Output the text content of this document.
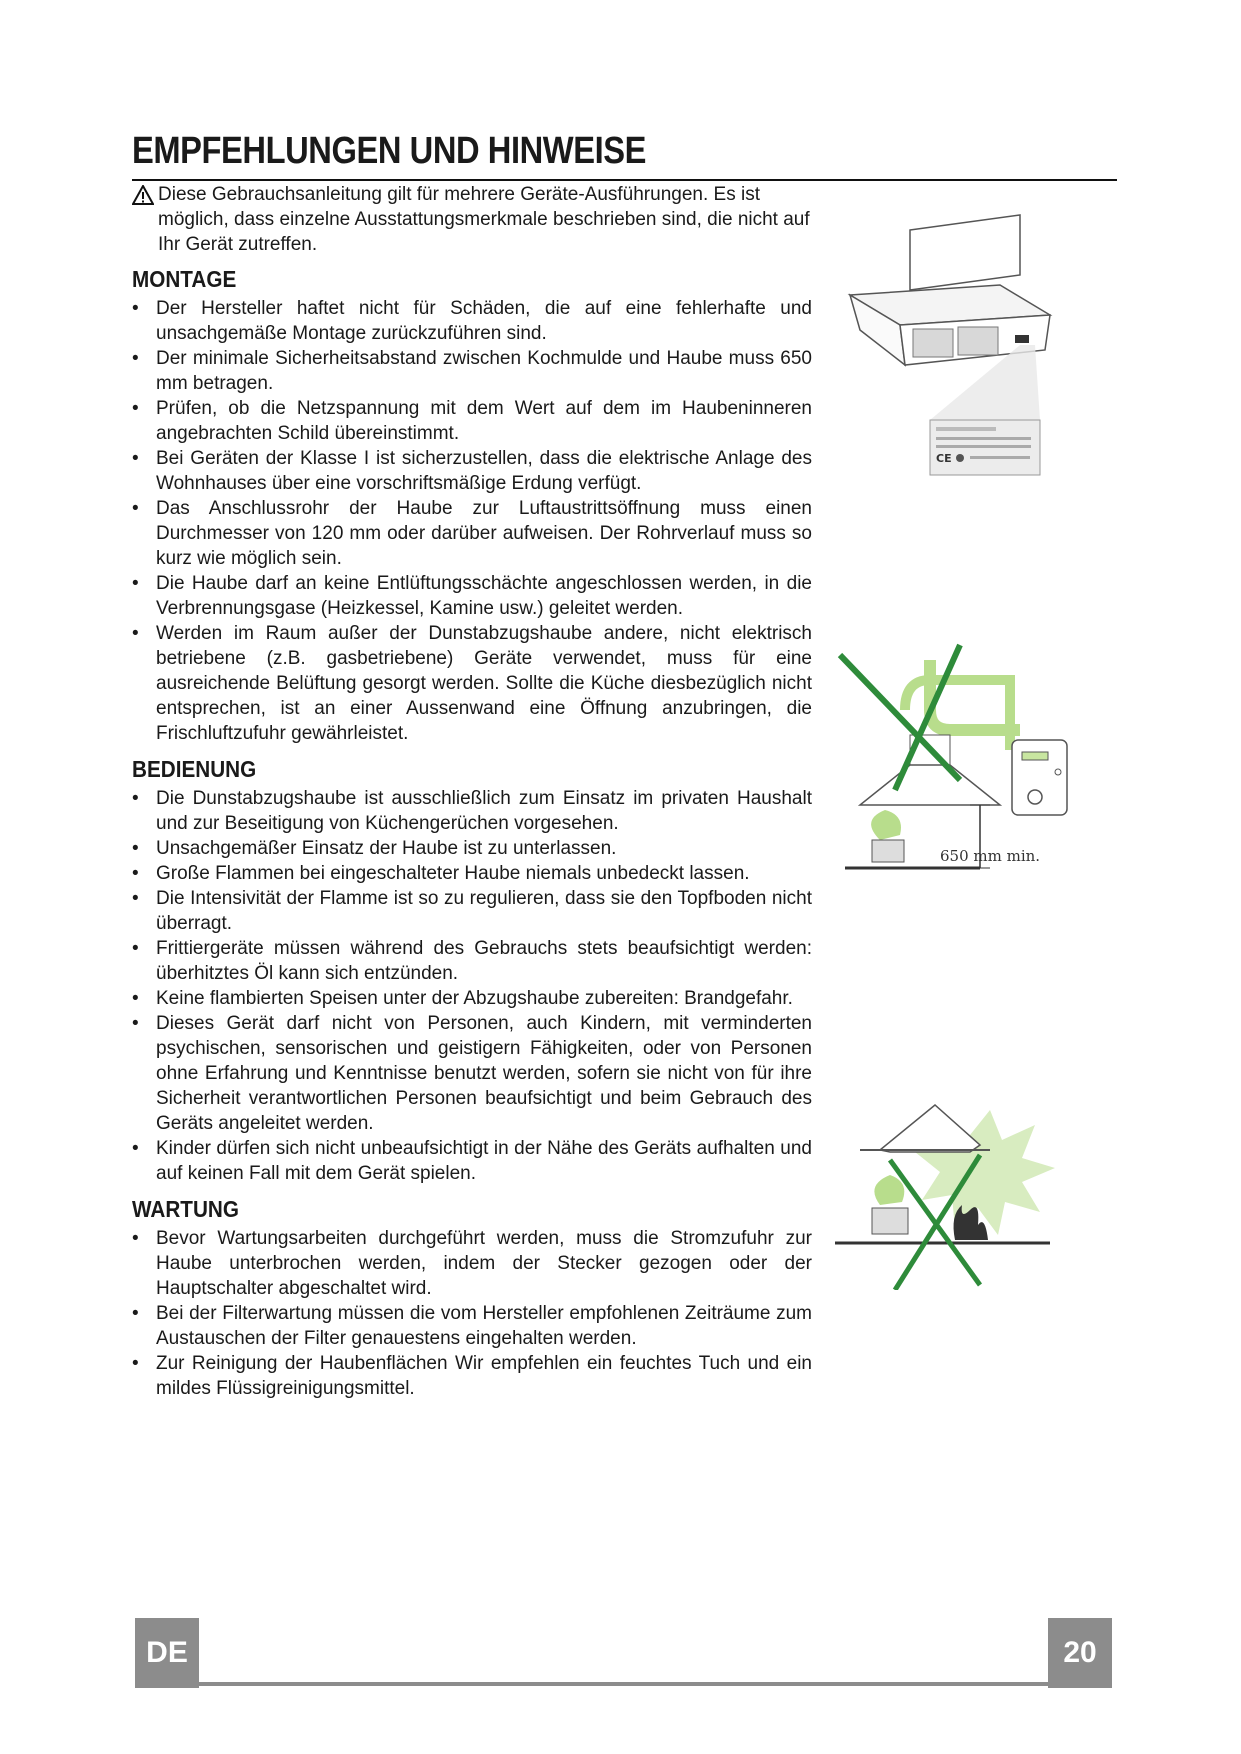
EMPFEHLUNGEN UND HINWEISE

Diese Gebrauchsanleitung gilt für mehrere Geräte-Ausführungen. Es ist möglich, dass einzelne Ausstattungsmerkmale beschrieben sind, die nicht auf Ihr Gerät zutreffen.

MONTAGE
• Der Hersteller haftet nicht für Schäden, die auf eine fehlerhafte und unsachgemäße Montage zurückzuführen sind.
• Der minimale Sicherheitsabstand zwischen Kochmulde und Haube muss 650 mm betragen.
• Prüfen, ob die Netzspannung mit dem Wert auf dem im Haubeninneren angebrachten Schild übereinstimmt.
• Bei Geräten der Klasse I ist sicherzustellen, dass die elektrische Anlage des Wohnhauses über eine vorschriftsmäßige Erdung verfügt.
• Das Anschlussrohr der Haube zur Luftaustrittsöffnung muss einen Durchmesser von 120 mm oder darüber aufweisen. Der Rohrverlauf muss so kurz wie möglich sein.
• Die Haube darf an keine Entlüftungsschächte angeschlossen werden, in die Verbrennungsgase (Heizkessel, Kamine usw.) geleitet werden.
• Werden im Raum außer der Dunstabzugshaube andere, nicht elektrisch betriebene (z.B. gasbetriebene) Geräte verwendet, muss für eine ausreichende Belüftung gesorgt werden. Sollte die Küche diesbezüglich nicht entsprechen, ist an einer Aussenwand eine Öffnung anzubringen, die Frischluftzufuhr gewährleistet.
BEDIENUNG
• Die Dunstabzugshaube ist ausschließlich zum Einsatz im privaten Haushalt und zur Beseitigung von Küchengerüchen vorgesehen.
• Unsachgemäßer Einsatz der Haube ist zu unterlassen.
• Große Flammen bei eingeschalteter Haube niemals unbedeckt lassen.
• Die Intensivität der Flamme ist so zu regulieren, dass sie den Topfboden nicht überragt.
• Frittiergeräte müssen während des Gebrauchs stets beaufsichtigt werden: überhitztes Öl kann sich entzünden.
• Keine flambierten Speisen unter der Abzugshaube zubereiten: Brandgefahr.
• Dieses Gerät darf nicht von Personen, auch Kindern, mit verminderten psychischen, sensorischen und geistigern Fähigkeiten, oder von Personen ohne Erfahrung und Kenntnisse benutzt werden, sofern sie nicht von für ihre Sicherheit verantwortlichen Personen beaufsichtigt und beim Gebrauch des Geräts angeleitet werden.
• Kinder dürfen sich nicht unbeaufsichtigt in der Nähe des Geräts aufhalten und auf keinen Fall mit dem Gerät spielen.
WARTUNG
• Bevor Wartungsarbeiten durchgeführt werden, muss die Stromzufuhr zur Haube unterbrochen werden, indem der Stecker gezogen oder der Hauptschalter abgeschaltet wird.
• Bei der Filterwartung müssen die vom Hersteller empfohlenen Zeiträume zum Austauschen der Filter genauestens eingehalten werden.
• Zur Reinigung der Haubenflächen Wir empfehlen ein feuchtes Tuch und ein mildes Flüssigreinigungsmittel.
CE
650 mm min.
DE	20
